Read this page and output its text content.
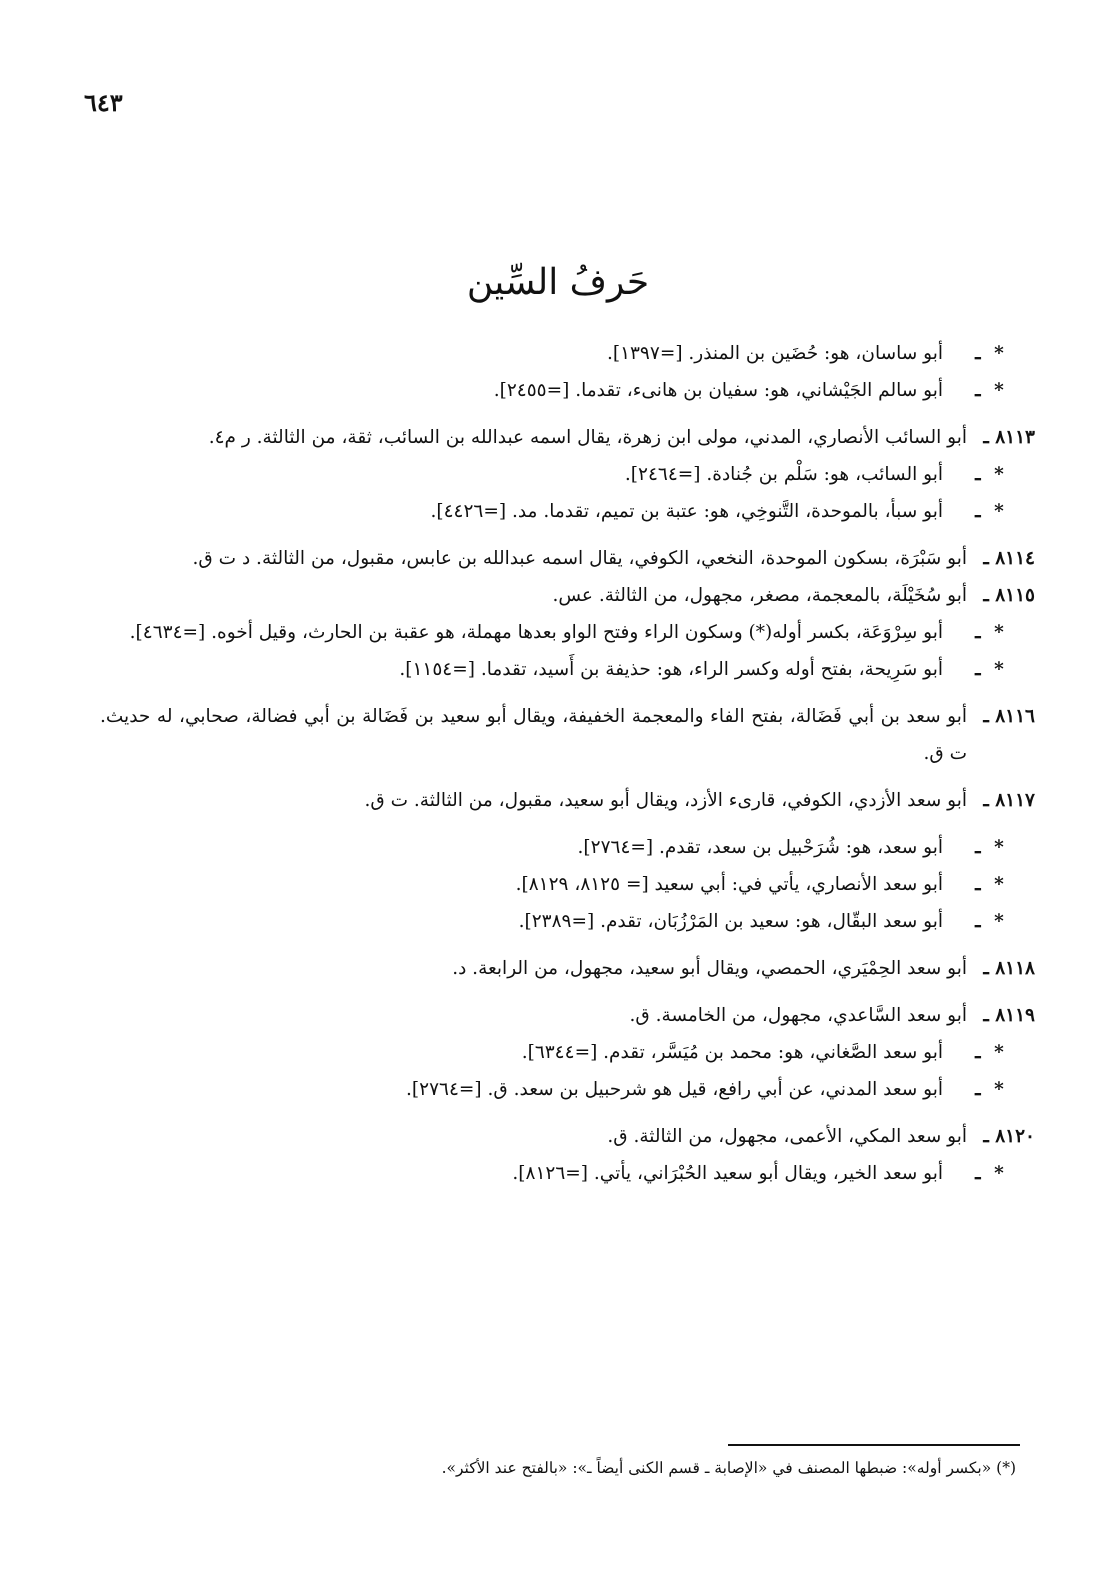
٦٤٣
حَرفُ السِّين
* ـ
أبو ساسان، هو: حُضَين بن المنذر. [=١٣٩٧].
* ـ
أبو سالم الجَيْشاني، هو: سفيان بن هانىء، تقدما. [=٢٤٥٥].
٨١١٣ ـ
أبو السائب الأنصاري، المدني، مولى ابن زهرة، يقال اسمه عبدالله بن السائب، ثقة، من الثالثة. ر م٤.
* ـ
أبو السائب، هو: سَلْم بن جُنادة. [=٢٤٦٤].
* ـ
أبو سبأ، بالموحدة، التَّنوخِي، هو: عتبة بن تميم، تقدما. مد. [=٤٤٢٦].
٨١١٤ ـ
أبو سَبْرَة، بسكون الموحدة، النخعي، الكوفي، يقال اسمه عبدالله بن عابس، مقبول، من الثالثة. د ت ق.
٨١١٥ ـ
أبو سُخَيْلَة، بالمعجمة، مصغر، مجهول، من الثالثة. عس.
* ـ
أبو سِرْوَعَة، بكسر أوله(*) وسكون الراء وفتح الواو بعدها مهملة، هو عقبة بن الحارث، وقيل أخوه. [=٤٦٣٤].
* ـ
أبو سَرِيحة، بفتح أوله وكسر الراء، هو: حذيفة بن أَسيد، تقدما. [=١١٥٤].
٨١١٦ ـ
أبو سعد بن أبي فَضَالة، بفتح الفاء والمعجمة الخفيفة، ويقال أبو سعيد بن فَضَالة بن أبي فضالة، صحابي، له حديث. ت ق.
٨١١٧ ـ
أبو سعد الأزدي، الكوفي، قارىء الأزد، ويقال أبو سعيد، مقبول، من الثالثة. ت ق.
* ـ
أبو سعد، هو: شُرَحْبيل بن سعد، تقدم. [=٢٧٦٤].
* ـ
أبو سعد الأنصاري، يأتي في: أبي سعيد [= ٨١٢٥، ٨١٢٩].
* ـ
أبو سعد البقّال، هو: سعيد بن المَرْزُبَان، تقدم. [=٢٣٨٩].
٨١١٨ ـ
أبو سعد الحِمْيَري، الحمصي، ويقال أبو سعيد، مجهول، من الرابعة. د.
٨١١٩ ـ
أبو سعد السَّاعدي، مجهول، من الخامسة. ق.
* ـ
أبو سعد الصَّغاني، هو: محمد بن مُيَسَّر، تقدم. [=٦٣٤٤].
* ـ
أبو سعد المدني، عن أبي رافع، قيل هو شرحبيل بن سعد. ق. [=٢٧٦٤].
٨١٢٠ ـ
أبو سعد المكي، الأعمى، مجهول، من الثالثة. ق.
* ـ
أبو سعد الخير، ويقال أبو سعيد الحُبْرَاني، يأتي. [=٨١٢٦].
(*) «بكسر أوله»: ضبطها المصنف في «الإصابة ـ قسم الكنى أيضاً ـ»: «بالفتح عند الأكثر».
